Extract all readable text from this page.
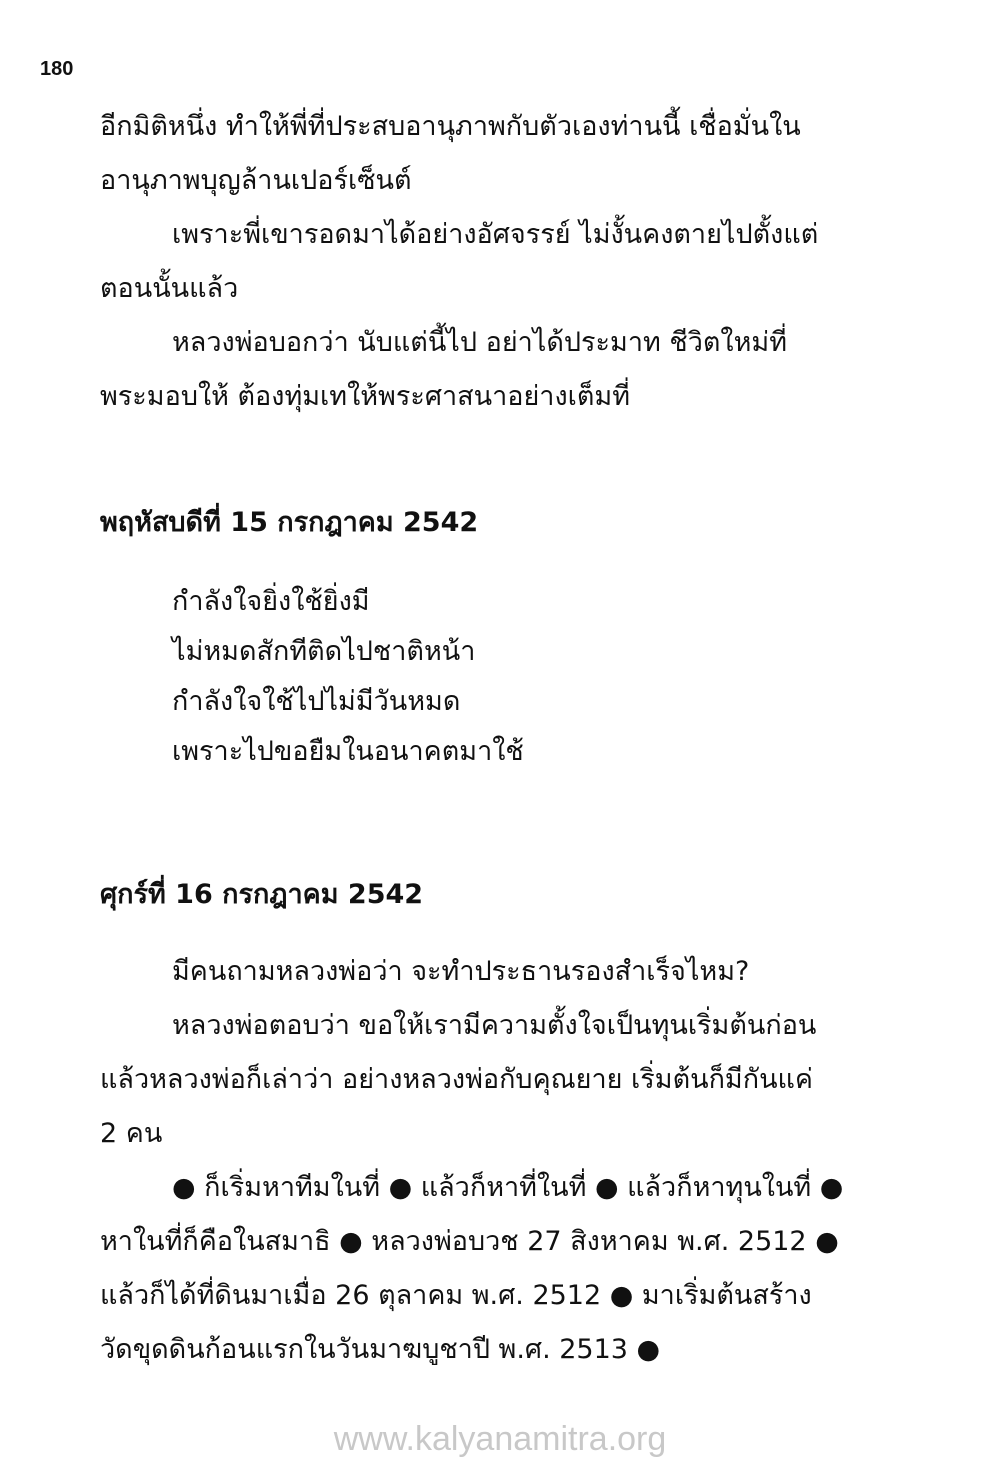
180
อีกมิติหนึ่ง ทำให้พี่ที่ประสบอานุภาพกับตัวเองท่านนี้ เชื่อมั่นใน
อานุภาพบุญล้านเปอร์เซ็นต์
เพราะพี่เขารอดมาได้อย่างอัศจรรย์ ไม่งั้นคงตายไปตั้งแต่
ตอนนั้นแล้ว
หลวงพ่อบอกว่า นับแต่นี้ไป อย่าได้ประมาท ชีวิตใหม่ที่
พระมอบให้ ต้องทุ่มเทให้พระศาสนาอย่างเต็มที่
พฤหัสบดีที่ 15 กรกฎาคม 2542
กำลังใจยิ่งใช้ยิ่งมี
ไม่หมดสักทีติดไปชาติหน้า
กำลังใจใช้ไปไม่มีวันหมด
เพราะไปขอยืมในอนาคตมาใช้
ศุกร์ที่ 16 กรกฎาคม 2542
มีคนถามหลวงพ่อว่า จะทำประธานรองสำเร็จไหม?
หลวงพ่อตอบว่า ขอให้เรามีความตั้งใจเป็นทุนเริ่มต้นก่อน
แล้วหลวงพ่อก็เล่าว่า อย่างหลวงพ่อกับคุณยาย เริ่มต้นก็มีกันแค่
2 คน
● ก็เริ่มหาทีมในที่ ● แล้วก็หาที่ในที่ ● แล้วก็หาทุนในที่ ●
หาในที่ก็คือในสมาธิ ● หลวงพ่อบวช 27 สิงหาคม พ.ศ. 2512 ●
แล้วก็ได้ที่ดินมาเมื่อ 26 ตุลาคม พ.ศ. 2512 ● มาเริ่มต้นสร้าง
วัดขุดดินก้อนแรกในวันมาฆบูชาปี พ.ศ. 2513 ●
www.kalyanamitra.org
